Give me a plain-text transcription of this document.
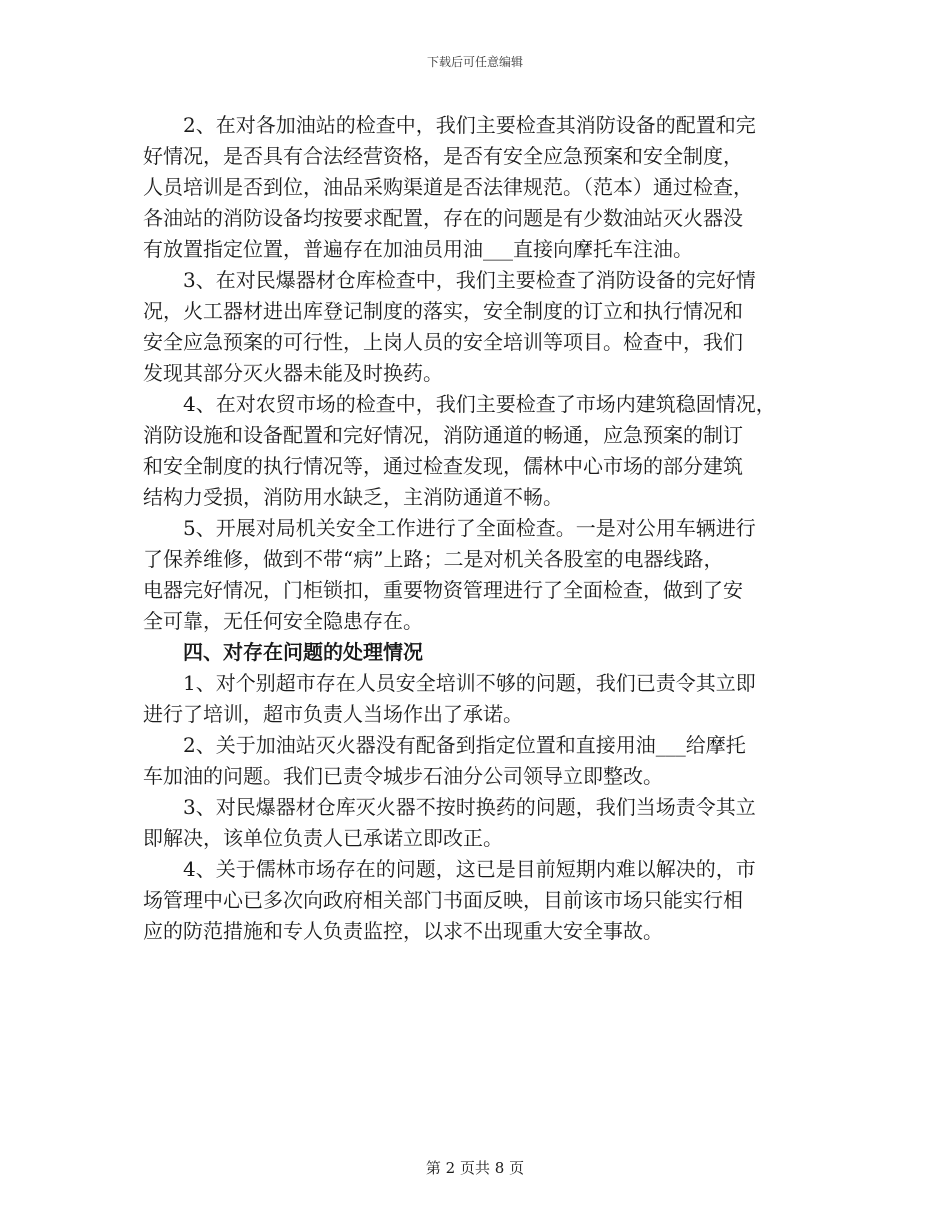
下载后可任意编辑

2、在对各加油站的检查中，我们主要检查其消防设备的配置和完
好情况，是否具有合法经营资格，是否有安全应急预案和安全制度，
人员培训是否到位，油品采购渠道是否法律规范。（范本）通过检查，
各油站的消防设备均按要求配置，存在的问题是有少数油站灭火器没
有放置指定位置，普遍存在加油员用油___直接向摩托车注油。

3、在对民爆器材仓库检查中，我们主要检查了消防设备的完好情
况，火工器材进出库登记制度的落实，安全制度的订立和执行情况和
安全应急预案的可行性，上岗人员的安全培训等项目。检查中，我们
发现其部分灭火器未能及时换药。

4、在对农贸市场的检查中，我们主要检查了市场内建筑稳固情况，
消防设施和设备配置和完好情况，消防通道的畅通，应急预案的制订
和安全制度的执行情况等，通过检查发现，儒林中心市场的部分建筑
结构力受损，消防用水缺乏，主消防通道不畅。

5、开展对局机关安全工作进行了全面检查。一是对公用车辆进行
了保养维修，做到不带“病”上路；二是对机关各股室的电器线路，
电器完好情况，门柜锁扣，重要物资管理进行了全面检查，做到了安
全可靠，无任何安全隐患存在。

四、对存在问题的处理情况

1、对个别超市存在人员安全培训不够的问题，我们已责令其立即
进行了培训，超市负责人当场作出了承诺。

2、关于加油站灭火器没有配备到指定位置和直接用油___给摩托
车加油的问题。我们已责令城步石油分公司领导立即整改。

3、对民爆器材仓库灭火器不按时换药的问题，我们当场责令其立
即解决，该单位负责人已承诺立即改正。

4、关于儒林市场存在的问题，这已是目前短期内难以解决的，市
场管理中心已多次向政府相关部门书面反映，目前该市场只能实行相
应的防范措施和专人负责监控，以求不出现重大安全事故。

第 2 页共 8 页
